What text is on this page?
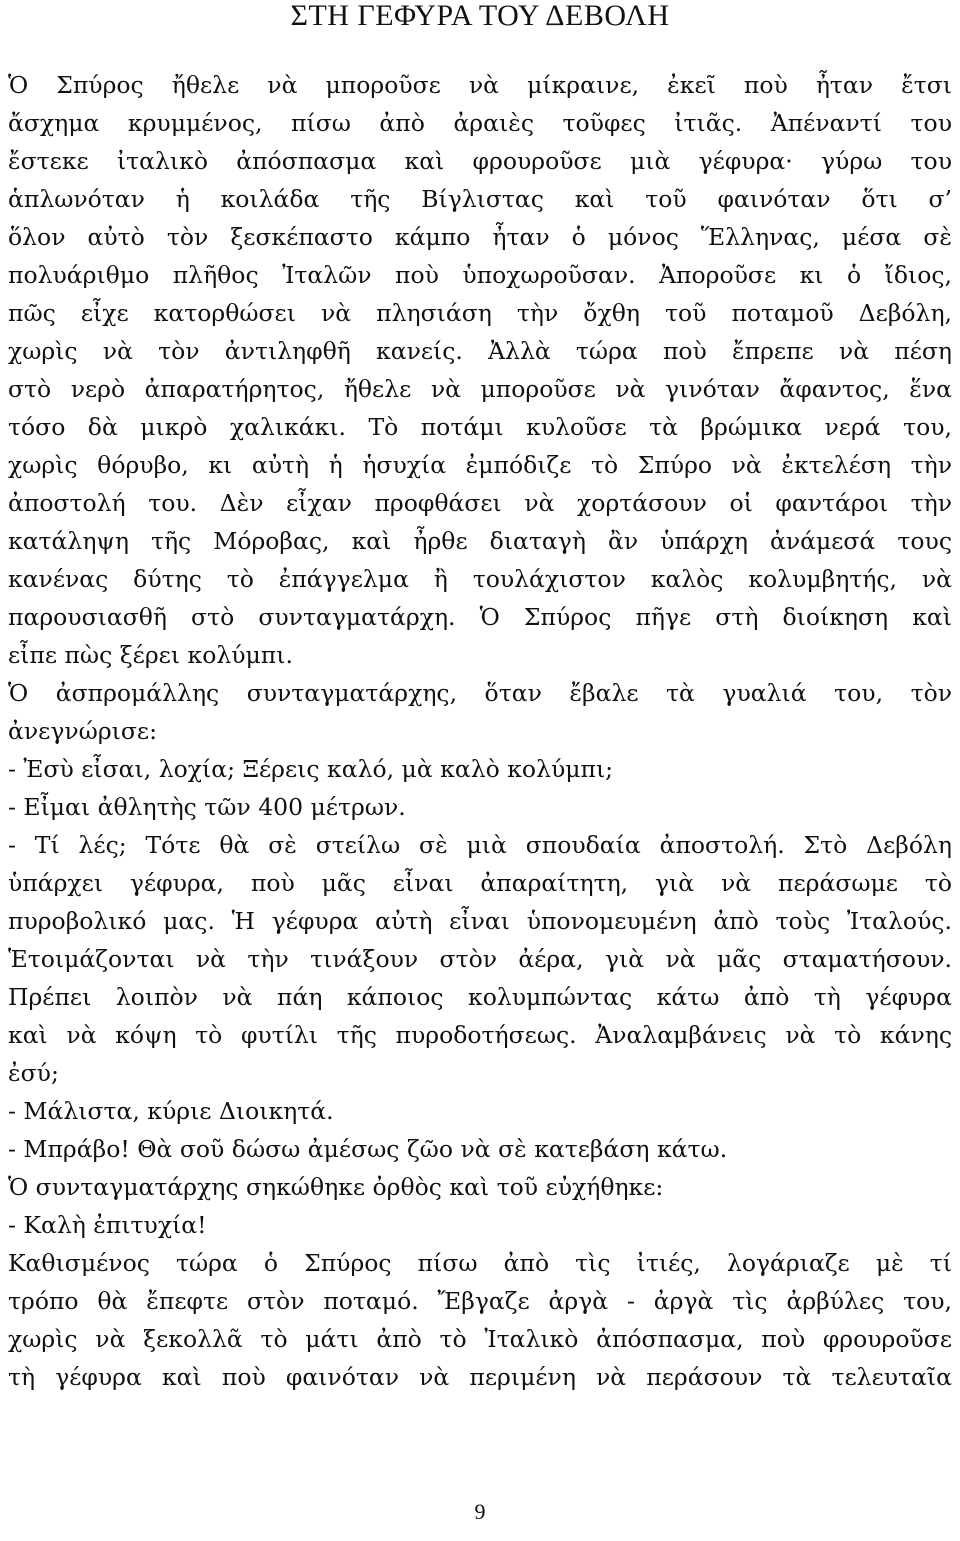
ΣΤΗ ΓΕΦΥΡΑ ΤΟΥ ΔΕΒΟΛΗ
Ὁ Σπύρος ἤθελε νὰ μποροῦσε νὰ μίκραινε, ἐκεῖ ποὺ ἦταν ἔτσι
ἄσχημα κρυμμένος, πίσω ἀπὸ ἀραιὲς τοῦφες ἰτιᾶς. Ἀπέναντί του
ἔστεκε ἰταλικὸ ἀπόσπασμα καὶ φρουροῦσε μιὰ γέφυρα· γύρω του
ἁπλωνόταν ἡ κοιλάδα τῆς Βίγλιστας καὶ τοῦ φαινόταν ὅτι σ’
ὅλον αὐτὸ τὸν ξεσκέπαστο κάμπο ἦταν ὁ μόνος Ἕλληνας, μέσα σὲ
πολυάριθμο πλῆθος Ἰταλῶν ποὺ ὑποχωροῦσαν. Ἀποροῦσε κι ὁ ἴδιος,
πῶς εἶχε κατορθώσει νὰ πλησιάση τὴν ὄχθη τοῦ ποταμοῦ Δεβόλη,
χωρὶς νὰ τὸν ἀντιληφθῆ κανείς. Ἀλλὰ τώρα ποὺ ἔπρεπε νὰ πέση
στὸ νερὸ ἀπαρατήρητος, ἤθελε νὰ μποροῦσε νὰ γινόταν ἄφαντος, ἕνα
τόσο δὰ μικρὸ χαλικάκι. Τὸ ποτάμι κυλοῦσε τὰ βρώμικα νερά του,
χωρὶς θόρυβο, κι αὐτὴ ἡ ἡσυχία ἐμπόδιζε τὸ Σπύρο νὰ ἐκτελέση τὴν
ἀποστολή του. Δὲν εἶχαν προφθάσει νὰ χορτάσουν οἱ φαντάροι τὴν
κατάληψη τῆς Μόροβας, καὶ ἦρθε διαταγὴ ἂν ὑπάρχη ἀνάμεσά τους
κανένας δύτης τὸ ἐπάγγελμα ἢ τουλάχιστον καλὸς κολυμβητής, νὰ
παρουσιασθῆ στὸ συνταγματάρχη. Ὁ Σπύρος πῆγε στὴ διοίκηση καὶ
εἶπε πὼς ξέρει κολύμπι.
Ὁ ἀσπρομάλλης συνταγματάρχης, ὅταν ἔβαλε τὰ γυαλιά του, τὸν
ἀνεγνώρισε:
- Ἐσὺ εἶσαι, λοχία; Ξέρεις καλό, μὰ καλὸ κολύμπι;
- Εἶμαι ἀθλητὴς τῶν 400 μέτρων.
- Τί λές; Τότε θὰ σὲ στείλω σὲ μιὰ σπουδαία ἀποστολή. Στὸ Δεβόλη
ὑπάρχει γέφυρα, ποὺ μᾶς εἶναι ἀπαραίτητη, γιὰ νὰ περάσωμε τὸ
πυροβολικό μας. Ἡ γέφυρα αὐτὴ εἶναι ὑπονομευμένη ἀπὸ τοὺς Ἰταλούς.
Ἑτοιμάζονται νὰ τὴν τινάξουν στὸν ἀέρα, γιὰ νὰ μᾶς σταματήσουν.
Πρέπει λοιπὸν νὰ πάη κάποιος κολυμπώντας κάτω ἀπὸ τὴ γέφυρα
καὶ νὰ κόψη τὸ φυτίλι τῆς πυροδοτήσεως. Ἀναλαμβάνεις νὰ τὸ κάνης
ἐσύ;
- Μάλιστα, κύριε Διοικητά.
- Μπράβο! Θὰ σοῦ δώσω ἀμέσως ζῶο νὰ σὲ κατεβάση κάτω.
Ὁ συνταγματάρχης σηκώθηκε ὀρθὸς καὶ τοῦ εὐχήθηκε:
- Καλὴ ἐπιτυχία!
Καθισμένος τώρα ὁ Σπύρος πίσω ἀπὸ τὶς ἰτιές, λογάριαζε μὲ τί
τρόπο θὰ ἔπεφτε στὸν ποταμό. Ἔβγαζε ἀργὰ - ἀργὰ τὶς ἀρβύλες του,
χωρὶς νὰ ξεκολλᾶ τὸ μάτι ἀπὸ τὸ Ἰταλικὸ ἀπόσπασμα, ποὺ φρουροῦσε
τὴ γέφυρα καὶ ποὺ φαινόταν νὰ περιμένη νὰ περάσουν τὰ τελευταῖα
9
